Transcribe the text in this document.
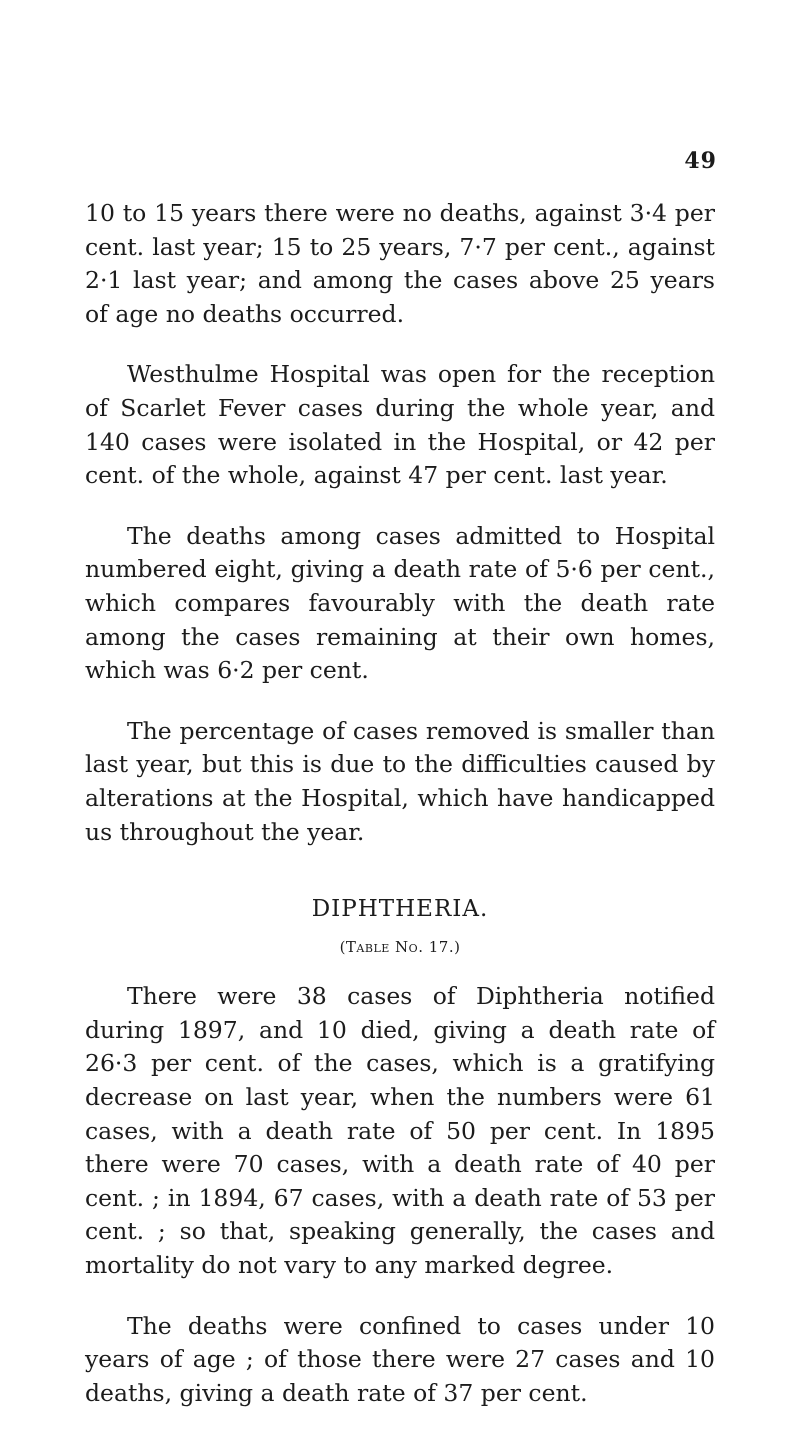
49

10 to 15 years there were no deaths, against 3·4 per cent. last year; 15 to 25 years, 7·7 per cent., against 2·1 last year; and among the cases above 25 years of age no deaths occurred.

Westhulme Hospital was open for the reception of Scarlet Fever cases during the whole year, and 140 cases were isolated in the Hospital, or 42 per cent. of the whole, against 47 per cent. last year.

The deaths among cases admitted to Hospital numbered eight, giving a death rate of 5·6 per cent., which compares favourably with the death rate among the cases remaining at their own homes, which was 6·2 per cent.

The percentage of cases removed is smaller than last year, but this is due to the difficulties caused by alterations at the Hospital, which have handicapped us throughout the year.

DIPHTHERIA.
(Table No. 17.)

There were 38 cases of Diphtheria notified during 1897, and 10 died, giving a death rate of 26·3 per cent. of the cases, which is a gratifying decrease on last year, when the numbers were 61 cases, with a death rate of 50 per cent. In 1895 there were 70 cases, with a death rate of 40 per cent. ; in 1894, 67 cases, with a death rate of 53 per cent. ; so that, speaking generally, the cases and mortality do not vary to any marked degree.

The deaths were confined to cases under 10 years of age ; of those there were 27 cases and 10 deaths, giving a death rate of 37 per cent.
